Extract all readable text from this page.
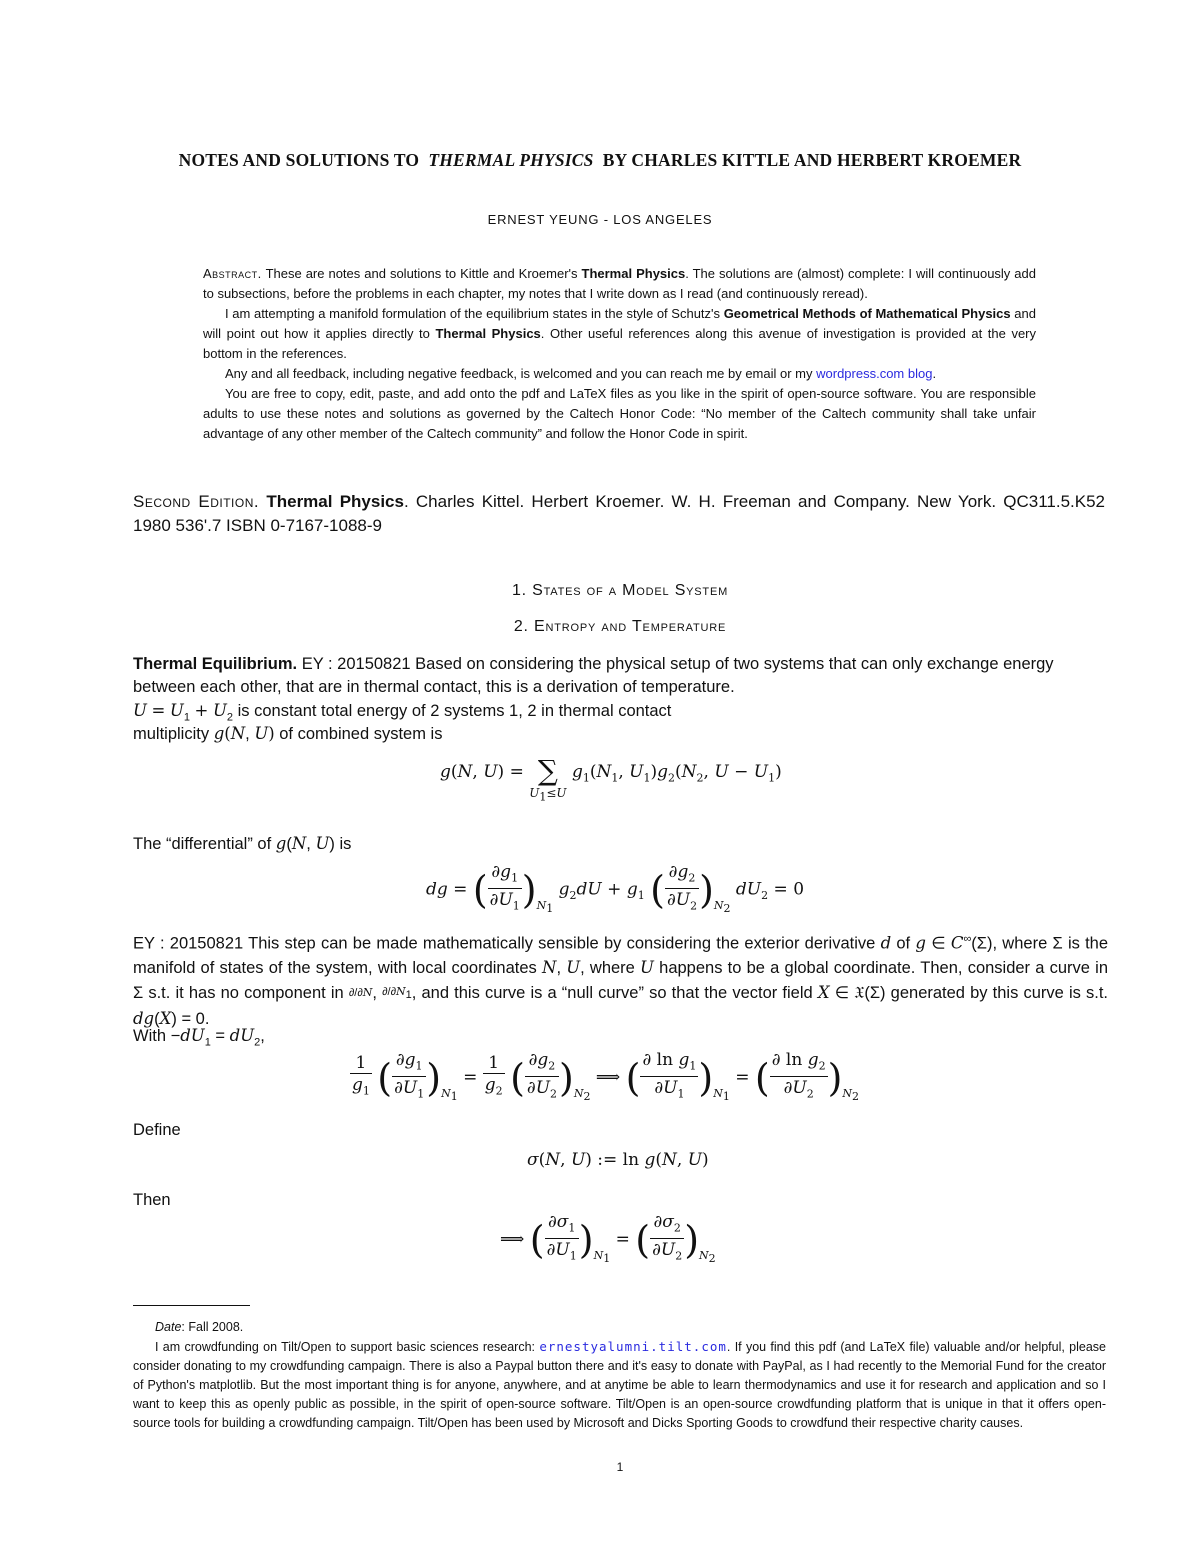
NOTES AND SOLUTIONS TO THERMAL PHYSICS BY CHARLES KITTLE AND HERBERT KROEMER
ERNEST YEUNG - LOS ANGELES

Abstract. These are notes and solutions to Kittle and Kroemer's Thermal Physics. The solutions are (almost) complete: I will continuously add to subsections, before the problems in each chapter, my notes that I write down as I read (and continuously reread).

I am attempting a manifold formulation of the equilibrium states in the style of Schutz's Geometrical Methods of Mathematical Physics and will point out how it applies directly to Thermal Physics. Other useful references along this avenue of investigation is provided at the very bottom in the references.

Any and all feedback, including negative feedback, is welcomed and you can reach me by email or my wordpress.com blog.

You are free to copy, edit, paste, and add onto the pdf and LaTeX files as you like in the spirit of open-source software. You are responsible adults to use these notes and solutions as governed by the Caltech Honor Code: “No member of the Caltech community shall take unfair advantage of any other member of the Caltech community” and follow the Honor Code in spirit.

Second Edition. Thermal Physics. Charles Kittel. Herbert Kroemer. W. H. Freeman and Company. New York. QC311.5.K52 1980 536'.7 ISBN 0-7167-1088-9
1. States of a Model System
2. Entropy and Temperature
Thermal Equilibrium. EY : 20150821 Based on considering the physical setup of two systems that can only exchange energy between each other, that are in thermal contact, this is a derivation of temperature.
$U = U_1 + U_2$ is constant total energy of 2 systems 1, 2 in thermal contact
multiplicity g(N, U) of combined system is
g(N, U) = ∑
$U_1\le U$
$g_1(N_1$, $U_1)g_2(N_2$, $U - U_1$)
The “differential” of g(N, U) is
dg = ( $\frac{\partial g_1}{\partial U_1} )_{N_1}$ $g_2dU + g_1$ ( $\frac{\partial g_2}{\partial U_2} )_{N_2}$ $dU_2 = 0$
EY : 20150821 This step can be made mathematically sensible by considering the exterior derivative d of g ∈ C∞(Σ), where Σ is the manifold of states of the system, with local coordinates N, U, where U happens to be a global coordinate. Then, consider a curve in Σ s.t. it has no component in ∂/∂N, $\partial/\partial N_1$, and this curve is a “null curve” so that the vector field X ∈ 𝔛(Σ) generated by this curve is s.t. dg(X) = 0.
With $-dU_1 = dU_2$,
$\frac{1}{g_1}$ ( $\frac{\partial g_1}{\partial U_1} )_{N_1} = \frac{1}{g_2}$ ( $\frac{\partial g_2}{\partial U_2} )_{N_2}$ ⟹ ( $\frac{\partial \ln g_1}{\partial U_1} )_{N_1}$ = ( $\frac{\partial \ln g_2}{\partial U_2} )_{N_2}$
Define
σ(N, U) := ln g(N, U)
Then
⟹ ( $\frac{\partial\sigma_1}{\partial U_1} )_{N_1}$ = ( $\frac{\partial\sigma_2}{\partial U_2} )_{N_2}$

Date: Fall 2008.

I am crowdfunding on Tilt/Open to support basic sciences research: ernestyalumni.tilt.com. If you find this pdf (and LaTeX file) valuable and/or helpful, please consider donating to my crowdfunding campaign. There is also a Paypal button there and it's easy to donate with PayPal, as I had recently to the Memorial Fund for the creator of Python's matplotlib. But the most important thing is for anyone, anywhere, and at anytime be able to learn thermodynamics and use it for research and application and so I want to keep this as openly public as possible, in the spirit of open-source software. Tilt/Open is an open-source crowdfunding platform that is unique in that it offers open-source tools for building a crowdfunding campaign. Tilt/Open has been used by Microsoft and Dicks Sporting Goods to crowdfund their respective charity causes.

1
